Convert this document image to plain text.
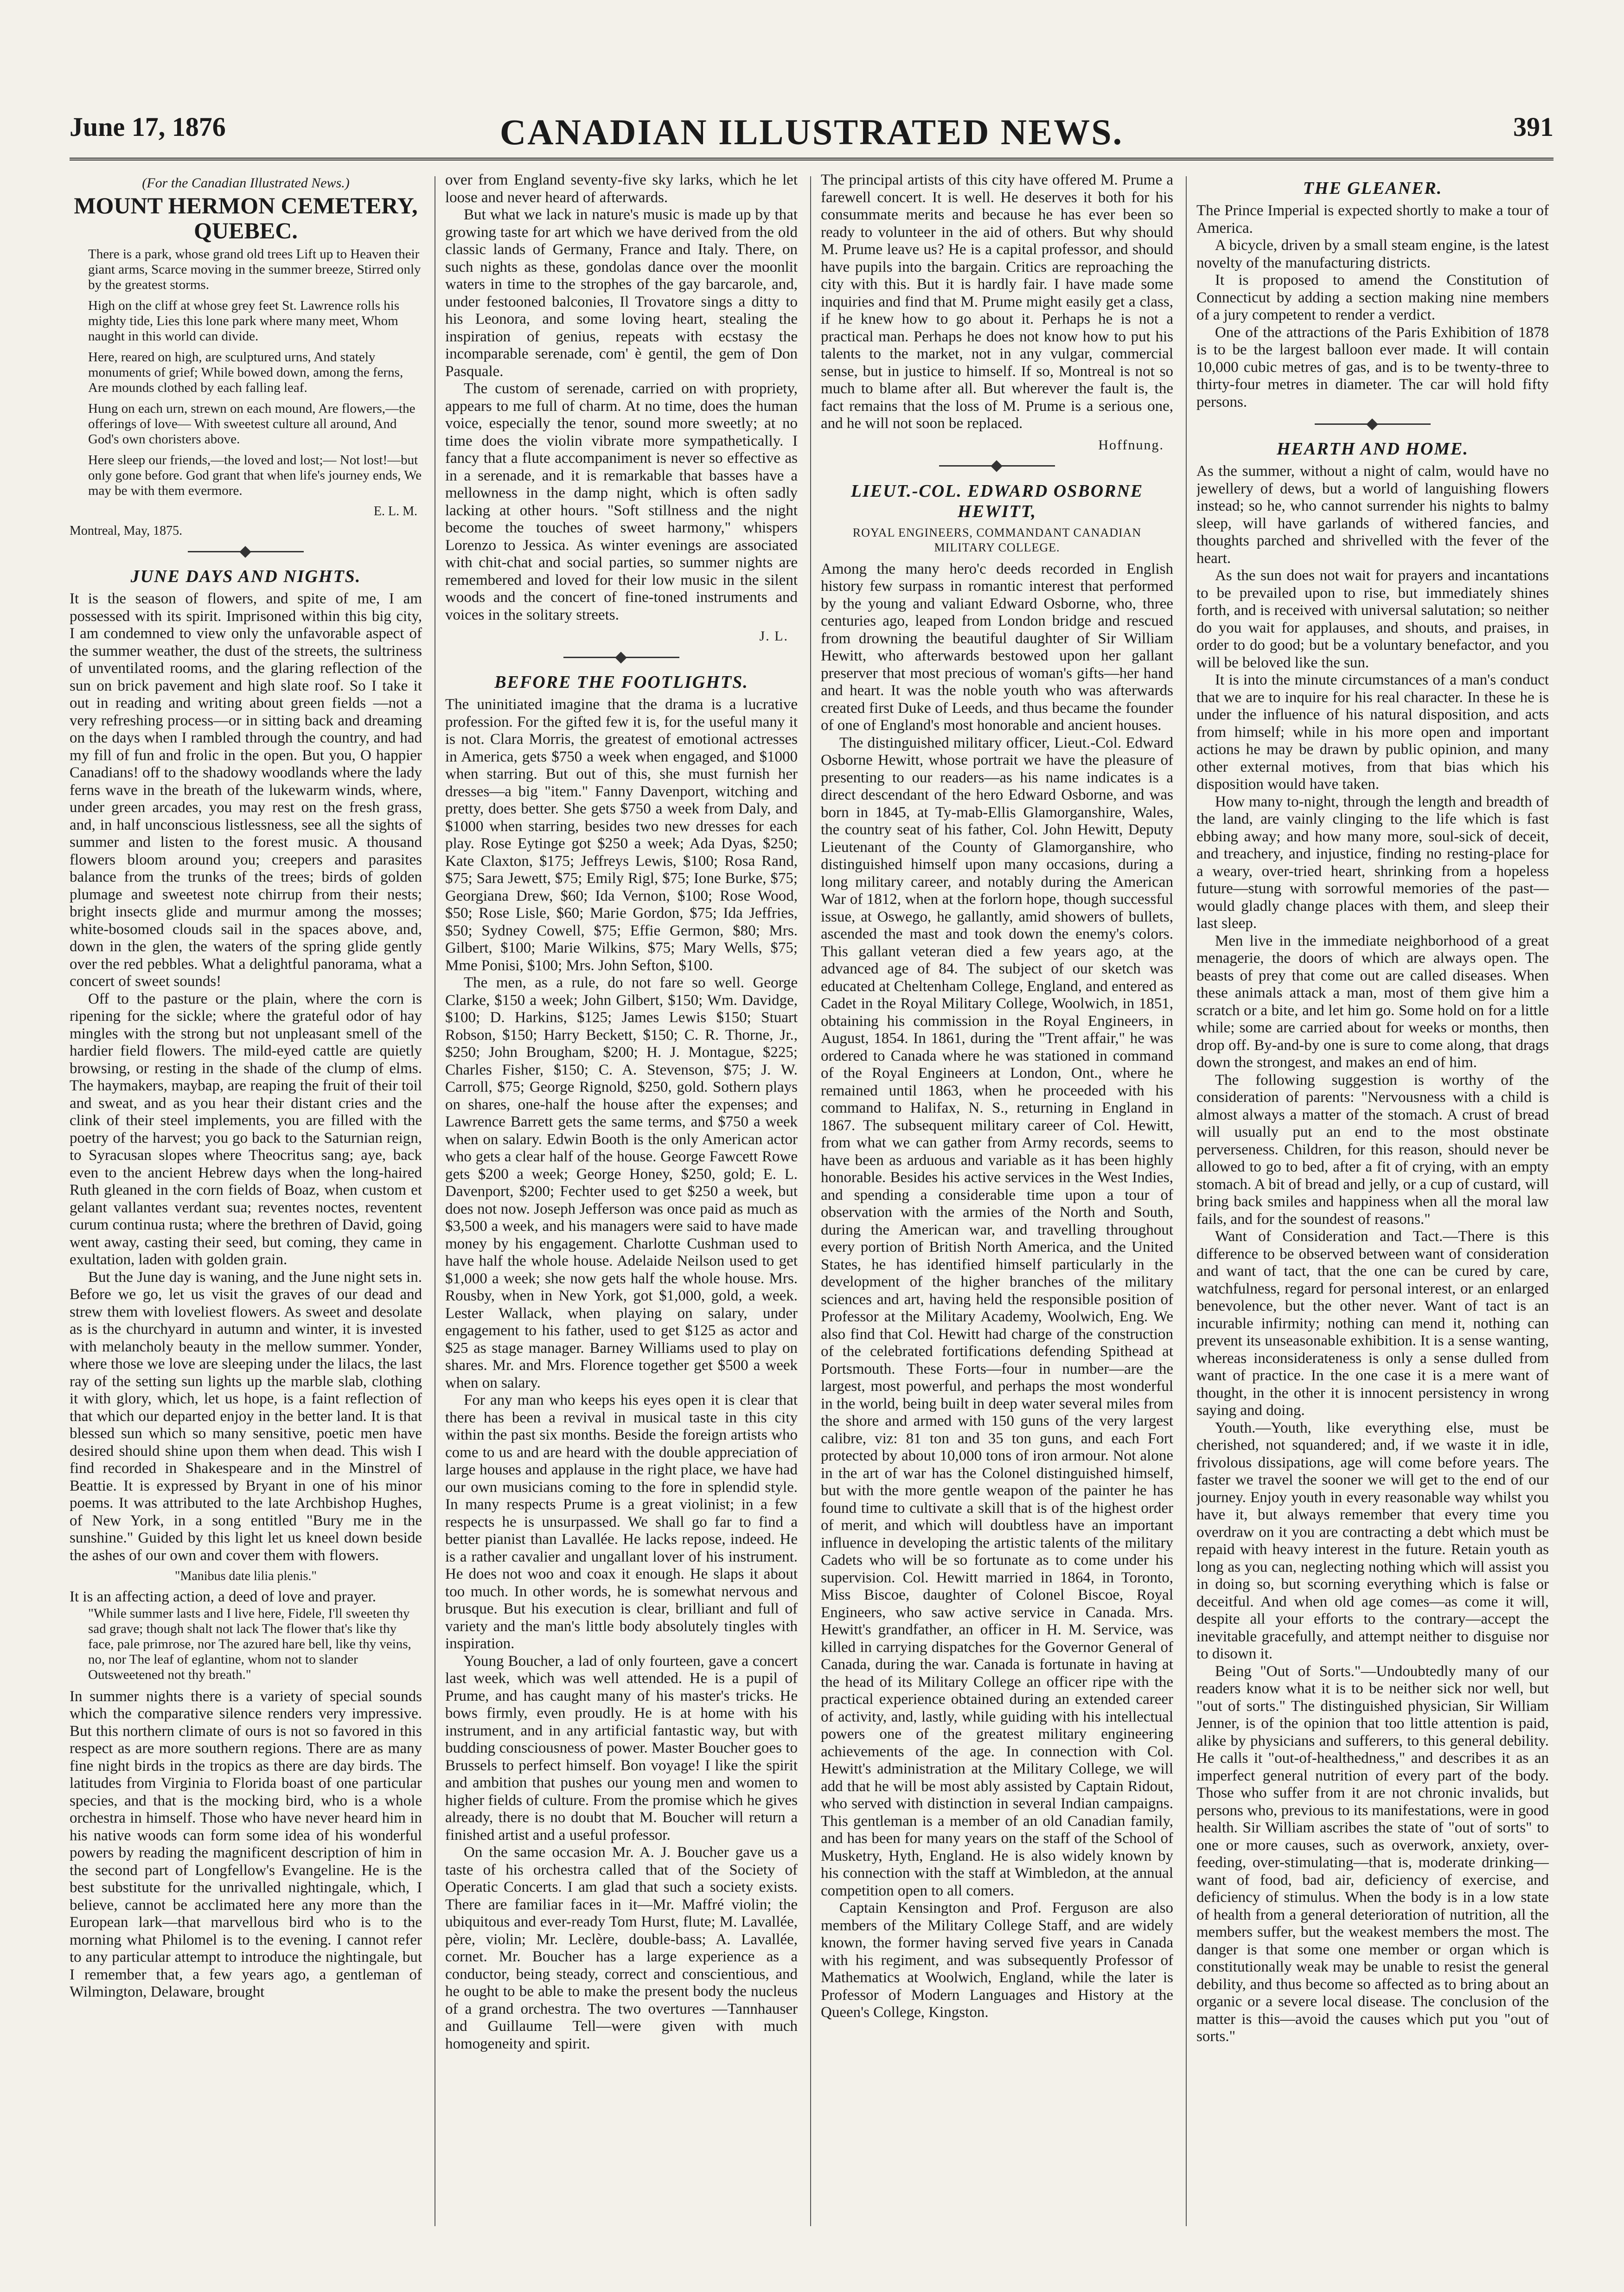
June 17, 1876	CANADIAN ILLUSTRATED NEWS.	391

(For the Canadian Illustrated News.)

MOUNT HERMON CEMETERY, QUEBEC.

There is a park, whose grand old trees Lift up to Heaven their giant arms, Scarce moving in the summer breeze, Stirred only by the greatest storms.

High on the cliff at whose grey feet St. Lawrence rolls his mighty tide, Lies this lone park where many meet, Whom naught in this world can divide.

Here, reared on high, are sculptured urns, And stately monuments of grief; While bowed down, among the ferns, Are mounds clothed by each falling leaf.

Hung on each urn, strewn on each mound, Are flowers,—the offerings of love— With sweetest culture all around, And God's own choristers above.

Here sleep our friends,—the loved and lost;— Not lost!—but only gone before. God grant that when life's journey ends, We may be with them evermore.

E. L. M.

Montreal, May, 1875.

JUNE DAYS AND NIGHTS.

It is the season of flowers, and spite of me, I am possessed with its spirit. Imprisoned within this big city, I am condemned to view only the unfavorable aspect of the summer weather, the dust of the streets, the sultriness of unventilated rooms, and the glaring reflection of the sun on brick pavement and high slate roof. So I take it out in reading and writing about green fields —not a very refreshing process—or in sitting back and dreaming on the days when I rambled through the country, and had my fill of fun and frolic in the open. But you, O happier Canadians! off to the shadowy woodlands where the lady ferns wave in the breath of the lukewarm winds, where, under green arcades, you may rest on the fresh grass, and, in half unconscious listlessness, see all the sights of summer and listen to the forest music. A thousand flowers bloom around you; creepers and parasites balance from the trunks of the trees; birds of golden plumage and sweetest note chirrup from their nests; bright insects glide and murmur among the mosses; white-bosomed clouds sail in the spaces above, and, down in the glen, the waters of the spring glide gently over the red pebbles. What a delightful panorama, what a concert of sweet sounds!

Off to the pasture or the plain, where the corn is ripening for the sickle; where the grateful odor of hay mingles with the strong but not unpleasant smell of the hardier field flowers. The mild-eyed cattle are quietly browsing, or resting in the shade of the clump of elms. The haymakers, maybap, are reaping the fruit of their toil and sweat, and as you hear their distant cries and the clink of their steel implements, you are filled with the poetry of the harvest; you go back to the Saturnian reign, to Syracusan slopes where Theocritus sang; aye, back even to the ancient Hebrew days when the long-haired Ruth gleaned in the corn fields of Boaz, when custom et gelant vallantes verdant sua; reventes noctes, reventent curum continua rusta; where the brethren of David, going went away, casting their seed, but coming, they came in exultation, laden with golden grain.

But the June day is waning, and the June night sets in. Before we go, let us visit the graves of our dead and strew them with loveliest flowers. As sweet and desolate as is the churchyard in autumn and winter, it is invested with melancholy beauty in the mellow summer. Yonder, where those we love are sleeping under the lilacs, the last ray of the setting sun lights up the marble slab, clothing it with glory, which, let us hope, is a faint reflection of that which our departed enjoy in the better land. It is that blessed sun which so many sensitive, poetic men have desired should shine upon them when dead. This wish I find recorded in Shakespeare and in the Minstrel of Beattie. It is expressed by Bryant in one of his minor poems. It was attributed to the late Archbishop Hughes, of New York, in a song entitled "Bury me in the sunshine." Guided by this light let us kneel down beside the ashes of our own and cover them with flowers.

"Manibus date lilia plenis."

It is an affecting action, a deed of love and prayer.

"While summer lasts and I live here, Fidele, I'll sweeten thy sad grave; though shalt not lack The flower that's like thy face, pale primrose, nor The azured hare bell, like thy veins, no, nor The leaf of eglantine, whom not to slander Outsweetened not thy breath."

In summer nights there is a variety of special sounds which the comparative silence renders very impressive. But this northern climate of ours is not so favored in this respect as are more southern regions. There are as many fine night birds in the tropics as there are day birds. The latitudes from Virginia to Florida boast of one particular species, and that is the mocking bird, who is a whole orchestra in himself. Those who have never heard him in his native woods can form some idea of his wonderful powers by reading the magnificent description of him in the second part of Longfellow's Evangeline. He is the best substitute for the unrivalled nightingale, which, I believe, cannot be acclimated here any more than the European lark—that marvellous bird who is to the morning what Philomel is to the evening. I cannot refer to any particular attempt to introduce the nightingale, but I remember that, a few years ago, a gentleman of Wilmington, Delaware, brought

over from England seventy-five sky larks, which he let loose and never heard of afterwards.

But what we lack in nature's music is made up by that growing taste for art which we have derived from the old classic lands of Germany, France and Italy. There, on such nights as these, gondolas dance over the moonlit waters in time to the strophes of the gay barcarole, and, under festooned balconies, Il Trovatore sings a ditty to his Leonora, and some loving heart, stealing the inspiration of genius, repeats with ecstasy the incomparable serenade, com' è gentil, the gem of Don Pasquale.

The custom of serenade, carried on with propriety, appears to me full of charm. At no time, does the human voice, especially the tenor, sound more sweetly; at no time does the violin vibrate more sympathetically. I fancy that a flute accompaniment is never so effective as in a serenade, and it is remarkable that basses have a mellowness in the damp night, which is often sadly lacking at other hours. "Soft stillness and the night become the touches of sweet harmony," whispers Lorenzo to Jessica. As winter evenings are associated with chit-chat and social parties, so summer nights are remembered and loved for their low music in the silent woods and the concert of fine-toned instruments and voices in the solitary streets.

J. L.

BEFORE THE FOOTLIGHTS.

The uninitiated imagine that the drama is a lucrative profession. For the gifted few it is, for the useful many it is not. Clara Morris, the greatest of emotional actresses in America, gets $750 a week when engaged, and $1000 when starring. But out of this, she must furnish her dresses—a big "item." Fanny Davenport, witching and pretty, does better. She gets $750 a week from Daly, and $1000 when starring, besides two new dresses for each play. Rose Eytinge got $250 a week; Ada Dyas, $250; Kate Claxton, $175; Jeffreys Lewis, $100; Rosa Rand, $75; Sara Jewett, $75; Emily Rigl, $75; Ione Burke, $75; Georgiana Drew, $60; Ida Vernon, $100; Rose Wood, $50; Rose Lisle, $60; Marie Gordon, $75; Ida Jeffries, $50; Sydney Cowell, $75; Effie Germon, $80; Mrs. Gilbert, $100; Marie Wilkins, $75; Mary Wells, $75; Mme Ponisi, $100; Mrs. John Sefton, $100.

The men, as a rule, do not fare so well. George Clarke, $150 a week; John Gilbert, $150; Wm. Davidge, $100; D. Harkins, $125; James Lewis $150; Stuart Robson, $150; Harry Beckett, $150; C. R. Thorne, Jr., $250; John Brougham, $200; H. J. Montague, $225; Charles Fisher, $150; C. A. Stevenson, $75; J. W. Carroll, $75; George Rignold, $250, gold. Sothern plays on shares, one-half the house after the expenses; and Lawrence Barrett gets the same terms, and $750 a week when on salary. Edwin Booth is the only American actor who gets a clear half of the house. George Fawcett Rowe gets $200 a week; George Honey, $250, gold; E. L. Davenport, $200; Fechter used to get $250 a week, but does not now. Joseph Jefferson was once paid as much as $3,500 a week, and his managers were said to have made money by his engagement. Charlotte Cushman used to have half the whole house. Adelaide Neilson used to get $1,000 a week; she now gets half the whole house. Mrs. Rousby, when in New York, got $1,000, gold, a week. Lester Wallack, when playing on salary, under engagement to his father, used to get $125 as actor and $25 as stage manager. Barney Williams used to play on shares. Mr. and Mrs. Florence together get $500 a week when on salary.

For any man who keeps his eyes open it is clear that there has been a revival in musical taste in this city within the past six months. Beside the foreign artists who come to us and are heard with the double appreciation of large houses and applause in the right place, we have had our own musicians coming to the fore in splendid style. In many respects Prume is a great violinist; in a few respects he is unsurpassed. We shall go far to find a better pianist than Lavallée. He lacks repose, indeed. He is a rather cavalier and ungallant lover of his instrument. He does not woo and coax it enough. He slaps it about too much. In other words, he is somewhat nervous and brusque. But his execution is clear, brilliant and full of variety and the man's little body absolutely tingles with inspiration.

Young Boucher, a lad of only fourteen, gave a concert last week, which was well attended. He is a pupil of Prume, and has caught many of his master's tricks. He bows firmly, even proudly. He is at home with his instrument, and in any artificial fantastic way, but with budding consciousness of power. Master Boucher goes to Brussels to perfect himself. Bon voyage! I like the spirit and ambition that pushes our young men and women to higher fields of culture. From the promise which he gives already, there is no doubt that M. Boucher will return a finished artist and a useful professor.

On the same occasion Mr. A. J. Boucher gave us a taste of his orchestra called that of the Society of Operatic Concerts. I am glad that such a society exists. There are familiar faces in it—Mr. Maffré violin; the ubiquitous and ever-ready Tom Hurst, flute; M. Lavallée, père, violin; Mr. Leclère, double-bass; A. Lavallée, cornet. Mr. Boucher has a large experience as a conductor, being steady, correct and conscientious, and he ought to be able to make the present body the nucleus of a grand orchestra. The two overtures —Tannhauser and Guillaume Tell—were given with much homogeneity and spirit.

The principal artists of this city have offered M. Prume a farewell concert. It is well. He deserves it both for his consummate merits and because he has ever been so ready to volunteer in the aid of others. But why should M. Prume leave us? He is a capital professor, and should have pupils into the bargain. Critics are reproaching the city with this. But it is hardly fair. I have made some inquiries and find that M. Prume might easily get a class, if he knew how to go about it. Perhaps he is not a practical man. Perhaps he does not know how to put his talents to the market, not in any vulgar, commercial sense, but in justice to himself. If so, Montreal is not so much to blame after all. But wherever the fault is, the fact remains that the loss of M. Prume is a serious one, and he will not soon be replaced.

Hoffnung.

LIEUT.-COL. EDWARD OSBORNE HEWITT,

ROYAL ENGINEERS, COMMANDANT CANADIAN MILITARY COLLEGE.

Among the many hero'c deeds recorded in English history few surpass in romantic interest that performed by the young and valiant Edward Osborne, who, three centuries ago, leaped from London bridge and rescued from drowning the beautiful daughter of Sir William Hewitt, who afterwards bestowed upon her gallant preserver that most precious of woman's gifts—her hand and heart. It was the noble youth who was afterwards created first Duke of Leeds, and thus became the founder of one of England's most honorable and ancient houses.

The distinguished military officer, Lieut.-Col. Edward Osborne Hewitt, whose portrait we have the pleasure of presenting to our readers—as his name indicates is a direct descendant of the hero Edward Osborne, and was born in 1845, at Ty-mab-Ellis Glamorganshire, Wales, the country seat of his father, Col. John Hewitt, Deputy Lieutenant of the County of Glamorganshire, who distinguished himself upon many occasions, during a long military career, and notably during the American War of 1812, when at the forlorn hope, though successful issue, at Oswego, he gallantly, amid showers of bullets, ascended the mast and took down the enemy's colors. This gallant veteran died a few years ago, at the advanced age of 84. The subject of our sketch was educated at Cheltenham College, England, and entered as Cadet in the Royal Military College, Woolwich, in 1851, obtaining his commission in the Royal Engineers, in August, 1854. In 1861, during the "Trent affair," he was ordered to Canada where he was stationed in command of the Royal Engineers at London, Ont., where he remained until 1863, when he proceeded with his command to Halifax, N. S., returning in England in 1867. The subsequent military career of Col. Hewitt, from what we can gather from Army records, seems to have been as arduous and variable as it has been highly honorable. Besides his active services in the West Indies, and spending a considerable time upon a tour of observation with the armies of the North and South, during the American war, and travelling throughout every portion of British North America, and the United States, he has identified himself particularly in the development of the higher branches of the military sciences and art, having held the responsible position of Professor at the Military Academy, Woolwich, Eng. We also find that Col. Hewitt had charge of the construction of the celebrated fortifications defending Spithead at Portsmouth. These Forts—four in number—are the largest, most powerful, and perhaps the most wonderful in the world, being built in deep water several miles from the shore and armed with 150 guns of the very largest calibre, viz: 81 ton and 35 ton guns, and each Fort protected by about 10,000 tons of iron armour. Not alone in the art of war has the Colonel distinguished himself, but with the more gentle weapon of the painter he has found time to cultivate a skill that is of the highest order of merit, and which will doubtless have an important influence in developing the artistic talents of the military Cadets who will be so fortunate as to come under his supervision. Col. Hewitt married in 1864, in Toronto, Miss Biscoe, daughter of Colonel Biscoe, Royal Engineers, who saw active service in Canada. Mrs. Hewitt's grandfather, an officer in H. M. Service, was killed in carrying dispatches for the Governor General of Canada, during the war. Canada is fortunate in having at the head of its Military College an officer ripe with the practical experience obtained during an extended career of activity, and, lastly, while guiding with his intellectual powers one of the greatest military engineering achievements of the age. In connection with Col. Hewitt's administration at the Military College, we will add that he will be most ably assisted by Captain Ridout, who served with distinction in several Indian campaigns. This gentleman is a member of an old Canadian family, and has been for many years on the staff of the School of Musketry, Hyth, England. He is also widely known by his connection with the staff at Wimbledon, at the annual competition open to all comers.

Captain Kensington and Prof. Ferguson are also members of the Military College Staff, and are widely known, the former having served five years in Canada with his regiment, and was subsequently Professor of Mathematics at Woolwich, England, while the later is Professor of Modern Languages and History at the Queen's College, Kingston.

THE GLEANER.

The Prince Imperial is expected shortly to make a tour of America.

A bicycle, driven by a small steam engine, is the latest novelty of the manufacturing districts.

It is proposed to amend the Constitution of Connecticut by adding a section making nine members of a jury competent to render a verdict.

One of the attractions of the Paris Exhibition of 1878 is to be the largest balloon ever made. It will contain 10,000 cubic metres of gas, and is to be twenty-three to thirty-four metres in diameter. The car will hold fifty persons.

HEARTH AND HOME.

As the summer, without a night of calm, would have no jewellery of dews, but a world of languishing flowers instead; so he, who cannot surrender his nights to balmy sleep, will have garlands of withered fancies, and thoughts parched and shrivelled with the fever of the heart.

As the sun does not wait for prayers and incantations to be prevailed upon to rise, but immediately shines forth, and is received with universal salutation; so neither do you wait for applauses, and shouts, and praises, in order to do good; but be a voluntary benefactor, and you will be beloved like the sun.

It is into the minute circumstances of a man's conduct that we are to inquire for his real character. In these he is under the influence of his natural disposition, and acts from himself; while in his more open and important actions he may be drawn by public opinion, and many other external motives, from that bias which his disposition would have taken.

How many to-night, through the length and breadth of the land, are vainly clinging to the life which is fast ebbing away; and how many more, soul-sick of deceit, and treachery, and injustice, finding no resting-place for a weary, over-tried heart, shrinking from a hopeless future—stung with sorrowful memories of the past—would gladly change places with them, and sleep their last sleep.

Men live in the immediate neighborhood of a great menagerie, the doors of which are always open. The beasts of prey that come out are called diseases. When these animals attack a man, most of them give him a scratch or a bite, and let him go. Some hold on for a little while; some are carried about for weeks or months, then drop off. By-and-by one is sure to come along, that drags down the strongest, and makes an end of him.

The following suggestion is worthy of the consideration of parents: "Nervousness with a child is almost always a matter of the stomach. A crust of bread will usually put an end to the most obstinate perverseness. Children, for this reason, should never be allowed to go to bed, after a fit of crying, with an empty stomach. A bit of bread and jelly, or a cup of custard, will bring back smiles and happiness when all the moral law fails, and for the soundest of reasons."

Want of Consideration and Tact.—There is this difference to be observed between want of consideration and want of tact, that the one can be cured by care, watchfulness, regard for personal interest, or an enlarged benevolence, but the other never. Want of tact is an incurable infirmity; nothing can mend it, nothing can prevent its unseasonable exhibition. It is a sense wanting, whereas inconsiderateness is only a sense dulled from want of practice. In the one case it is a mere want of thought, in the other it is innocent persistency in wrong saying and doing.

Youth.—Youth, like everything else, must be cherished, not squandered; and, if we waste it in idle, frivolous dissipations, age will come before years. The faster we travel the sooner we will get to the end of our journey. Enjoy youth in every reasonable way whilst you have it, but always remember that every time you overdraw on it you are contracting a debt which must be repaid with heavy interest in the future. Retain youth as long as you can, neglecting nothing which will assist you in doing so, but scorning everything which is false or deceitful. And when old age comes—as come it will, despite all your efforts to the contrary—accept the inevitable gracefully, and attempt neither to disguise nor to disown it.

Being "Out of Sorts."—Undoubtedly many of our readers know what it is to be neither sick nor well, but "out of sorts." The distinguished physician, Sir William Jenner, is of the opinion that too little attention is paid, alike by physicians and sufferers, to this general debility. He calls it "out-of-healthedness," and describes it as an imperfect general nutrition of every part of the body. Those who suffer from it are not chronic invalids, but persons who, previous to its manifestations, were in good health. Sir William ascribes the state of "out of sorts" to one or more causes, such as overwork, anxiety, over-feeding, over-stimulating—that is, moderate drinking—want of food, bad air, deficiency of exercise, and deficiency of stimulus. When the body is in a low state of health from a general deterioration of nutrition, all the members suffer, but the weakest members the most. The danger is that some one member or organ which is constitutionally weak may be unable to resist the general debility, and thus become so affected as to bring about an organic or a severe local disease. The conclusion of the matter is this—avoid the causes which put you "out of sorts."
